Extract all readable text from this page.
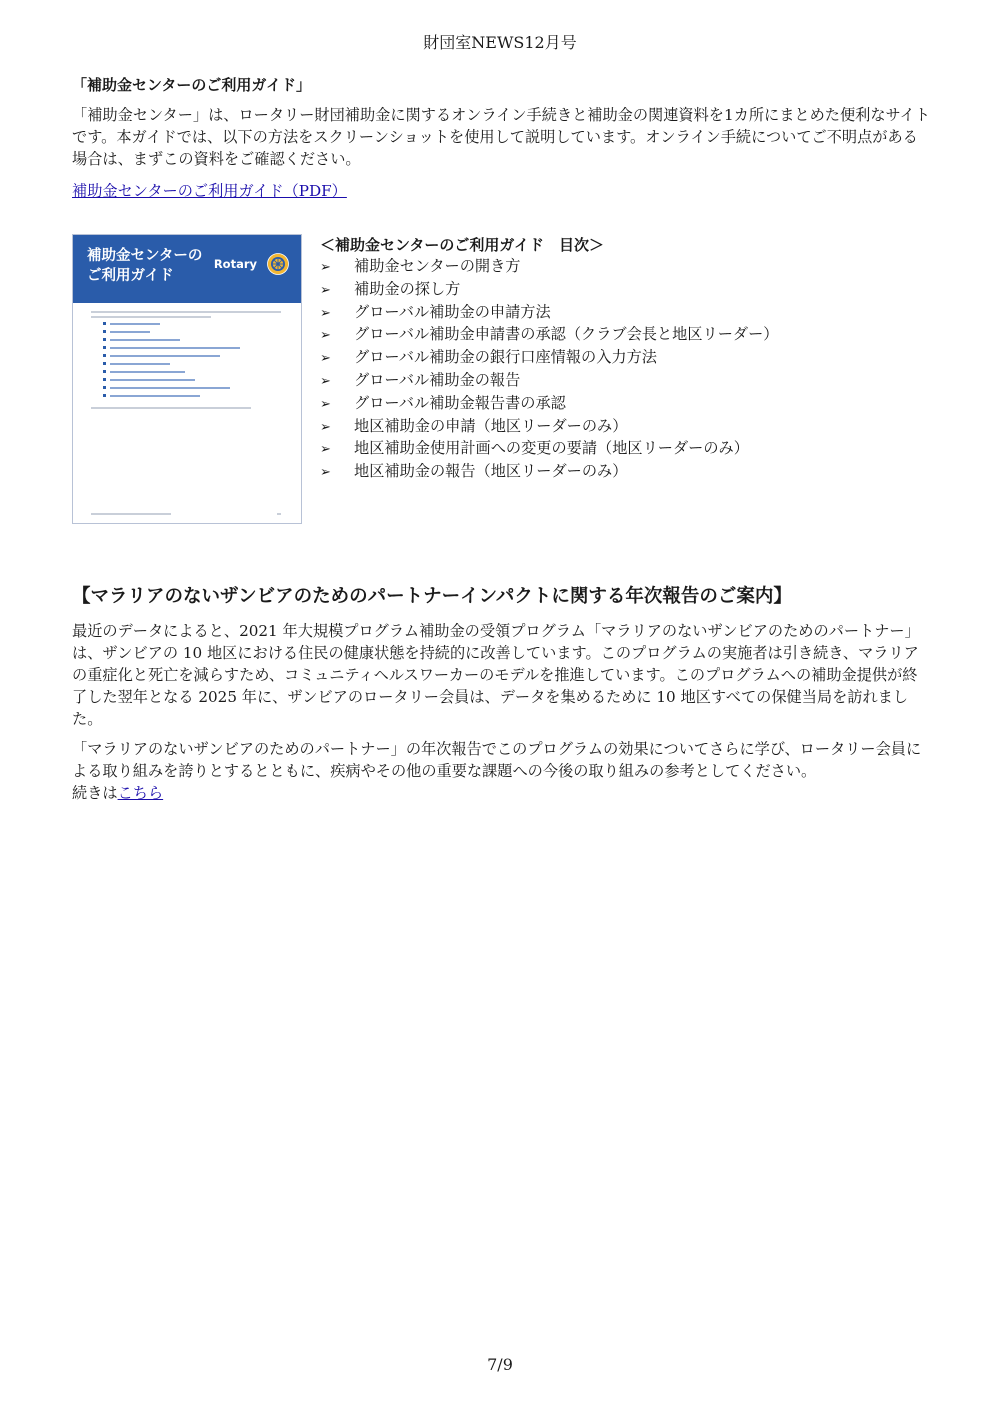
財団室NEWS12月号
「補助金センターのご利用ガイド」

「補助金センター」は、ロータリー財団補助金に関するオンライン手続きと補助金の関連資料を1カ所にまとめた便利なサイトです。本ガイドでは、以下の方法をスクリーンショットを使用して説明しています。オンライン手続についてご不明点がある場合は、まずこの資料をご確認ください。

補助金センターのご利用ガイド（PDF）
補助金センターの
ご利用ガイド
Rotary
＜補助金センターのご利用ガイド　目次＞
➢ 補助金センターの開き方
➢ 補助金の探し方
➢ グローバル補助金の申請方法
➢ グローバル補助金申請書の承認（クラブ会長と地区リーダー）
➢ グローバル補助金の銀行口座情報の入力方法
➢ グローバル補助金の報告
➢ グローバル補助金報告書の承認
➢ 地区補助金の申請（地区リーダーのみ）
➢ 地区補助金使用計画への変更の要請（地区リーダーのみ）
➢ 地区補助金の報告（地区リーダーのみ）
【マラリアのないザンビアのためのパートナーインパクトに関する年次報告のご案内】

最近のデータによると、2021 年大規模プログラム補助金の受領プログラム「マラリアのないザンビアのためのパートナー」は、ザンビアの 10 地区における住民の健康状態を持続的に改善しています。このプログラムの実施者は引き続き、マラリアの重症化と死亡を減らすため、コミュニティヘルスワーカーのモデルを推進しています。このプログラムへの補助金提供が終了した翌年となる 2025 年に、ザンビアのロータリー会員は、データを集めるために 10 地区すべての保健当局を訪れました。

「マラリアのないザンビアのためのパートナー」の年次報告でこのプログラムの効果についてさらに学び、ロータリー会員による取り組みを誇りとするとともに、疾病やその他の重要な課題への今後の取り組みの参考としてください。

続きはこちら
7/9
